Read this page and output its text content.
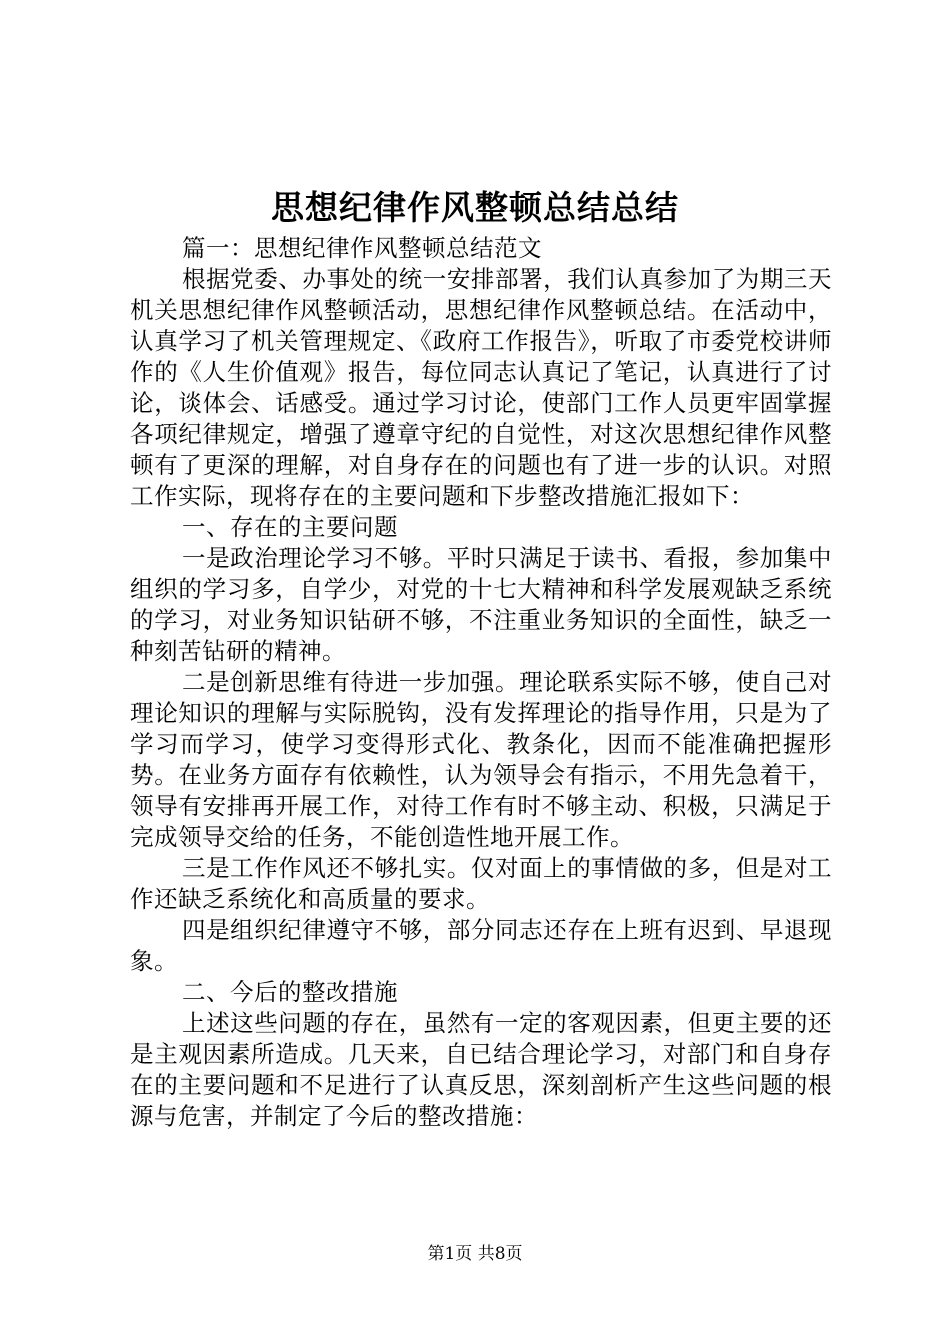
思想纪律作风整顿总结总结

篇一：思想纪律作风整顿总结范文

根据党委、办事处的统一安排部署，我们认真参加了为期三天机关思想纪律作风整顿活动，思想纪律作风整顿总结。在活动中，认真学习了机关管理规定、《政府工作报告》，听取了市委党校讲师作的《人生价值观》报告，每位同志认真记了笔记，认真进行了讨论，谈体会、话感受。通过学习讨论，使部门工作人员更牢固掌握各项纪律规定，增强了遵章守纪的自觉性，对这次思想纪律作风整顿有了更深的理解，对自身存在的问题也有了进一步的认识。对照工作实际，现将存在的主要问题和下步整改措施汇报如下：

一、存在的主要问题

一是政治理论学习不够。平时只满足于读书、看报，参加集中组织的学习多，自学少，对党的十七大精神和科学发展观缺乏系统的学习，对业务知识钻研不够，不注重业务知识的全面性，缺乏一种刻苦钻研的精神。

二是创新思维有待进一步加强。理论联系实际不够，使自己对理论知识的理解与实际脱钩，没有发挥理论的指导作用，只是为了学习而学习，使学习变得形式化、教条化，因而不能准确把握形势。在业务方面存有依赖性，认为领导会有指示，不用先急着干，领导有安排再开展工作，对待工作有时不够主动、积极，只满足于完成领导交给的任务，不能创造性地开展工作。

三是工作作风还不够扎实。仅对面上的事情做的多，但是对工作还缺乏系统化和高质量的要求。

四是组织纪律遵守不够，部分同志还存在上班有迟到、早退现象。

二、今后的整改措施

上述这些问题的存在，虽然有一定的客观因素，但更主要的还是主观因素所造成。几天来，自已结合理论学习，对部门和自身存在的主要问题和不足进行了认真反思，深刻剖析产生这些问题的根源与危害，并制定了今后的整改措施：

第1页 共8页
